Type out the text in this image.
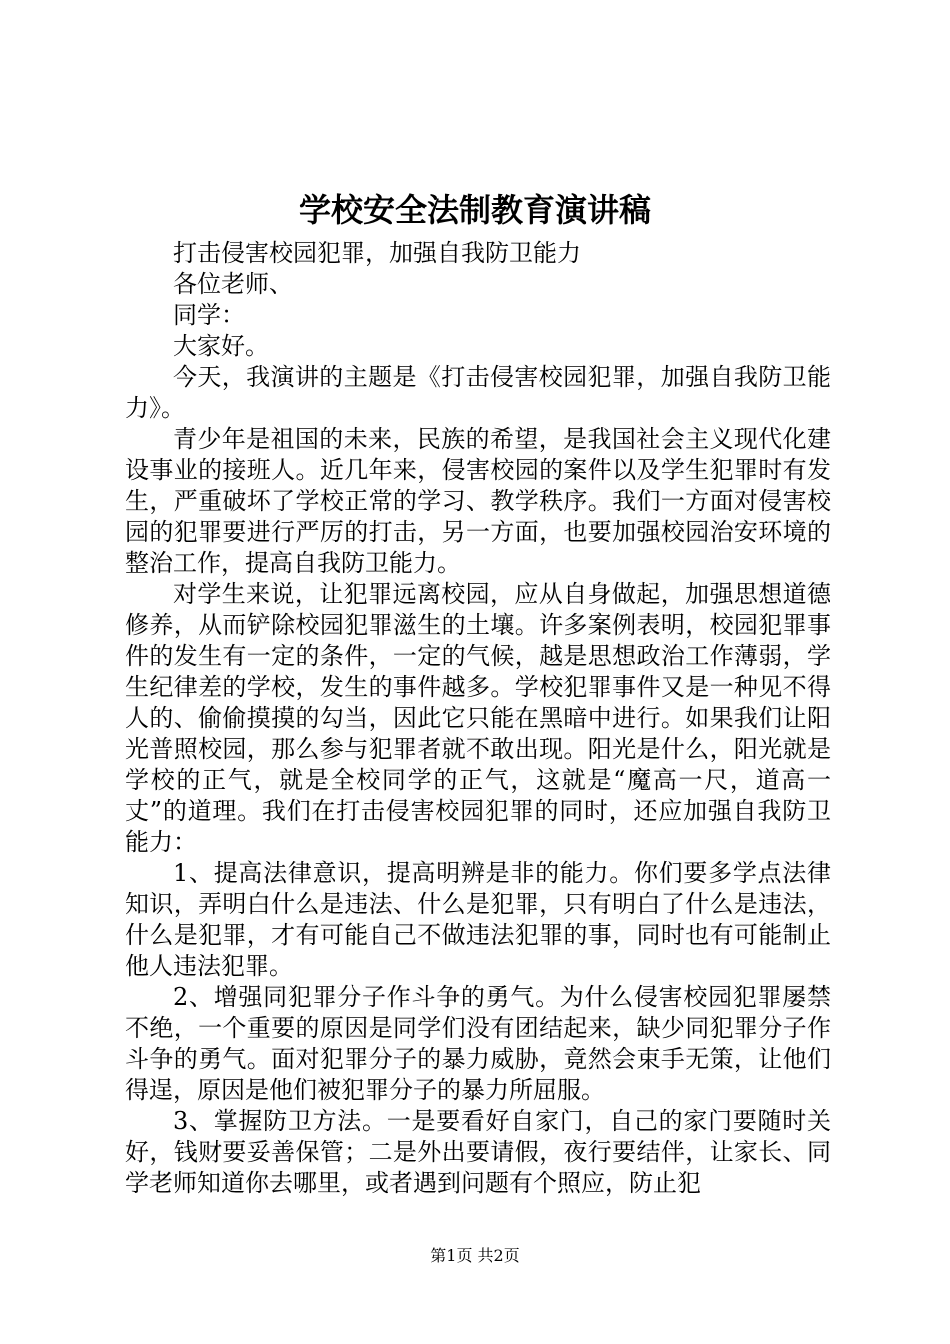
学校安全法制教育演讲稿

打击侵害校园犯罪，加强自我防卫能力

各位老师、

同学：

大家好。

今天，我演讲的主题是《打击侵害校园犯罪，加强自我防卫能力》。

青少年是祖国的未来，民族的希望，是我国社会主义现代化建设事业的接班人。近几年来，侵害校园的案件以及学生犯罪时有发生，严重破坏了学校正常的学习、教学秩序。我们一方面对侵害校园的犯罪要进行严厉的打击，另一方面，也要加强校园治安环境的整治工作，提高自我防卫能力。

对学生来说，让犯罪远离校园，应从自身做起，加强思想道德修养，从而铲除校园犯罪滋生的土壤。许多案例表明，校园犯罪事件的发生有一定的条件，一定的气候，越是思想政治工作薄弱，学生纪律差的学校，发生的事件越多。学校犯罪事件又是一种见不得人的、偷偷摸摸的勾当，因此它只能在黑暗中进行。如果我们让阳光普照校园，那么参与犯罪者就不敢出现。阳光是什么，阳光就是学校的正气，就是全校同学的正气，这就是“魔高一尺，道高一丈”的道理。我们在打击侵害校园犯罪的同时，还应加强自我防卫能力：

1、提高法律意识，提高明辨是非的能力。你们要多学点法律知识，弄明白什么是违法、什么是犯罪，只有明白了什么是违法，什么是犯罪，才有可能自己不做违法犯罪的事，同时也有可能制止他人违法犯罪。

2、增强同犯罪分子作斗争的勇气。为什么侵害校园犯罪屡禁不绝，一个重要的原因是同学们没有团结起来，缺少同犯罪分子作斗争的勇气。面对犯罪分子的暴力威胁，竟然会束手无策，让他们得逞，原因是他们被犯罪分子的暴力所屈服。

3、掌握防卫方法。一是要看好自家门，自己的家门要随时关好，钱财要妥善保管；二是外出要请假，夜行要结伴，让家长、同学老师知道你去哪里，或者遇到问题有个照应，防止犯

第1页 共2页
